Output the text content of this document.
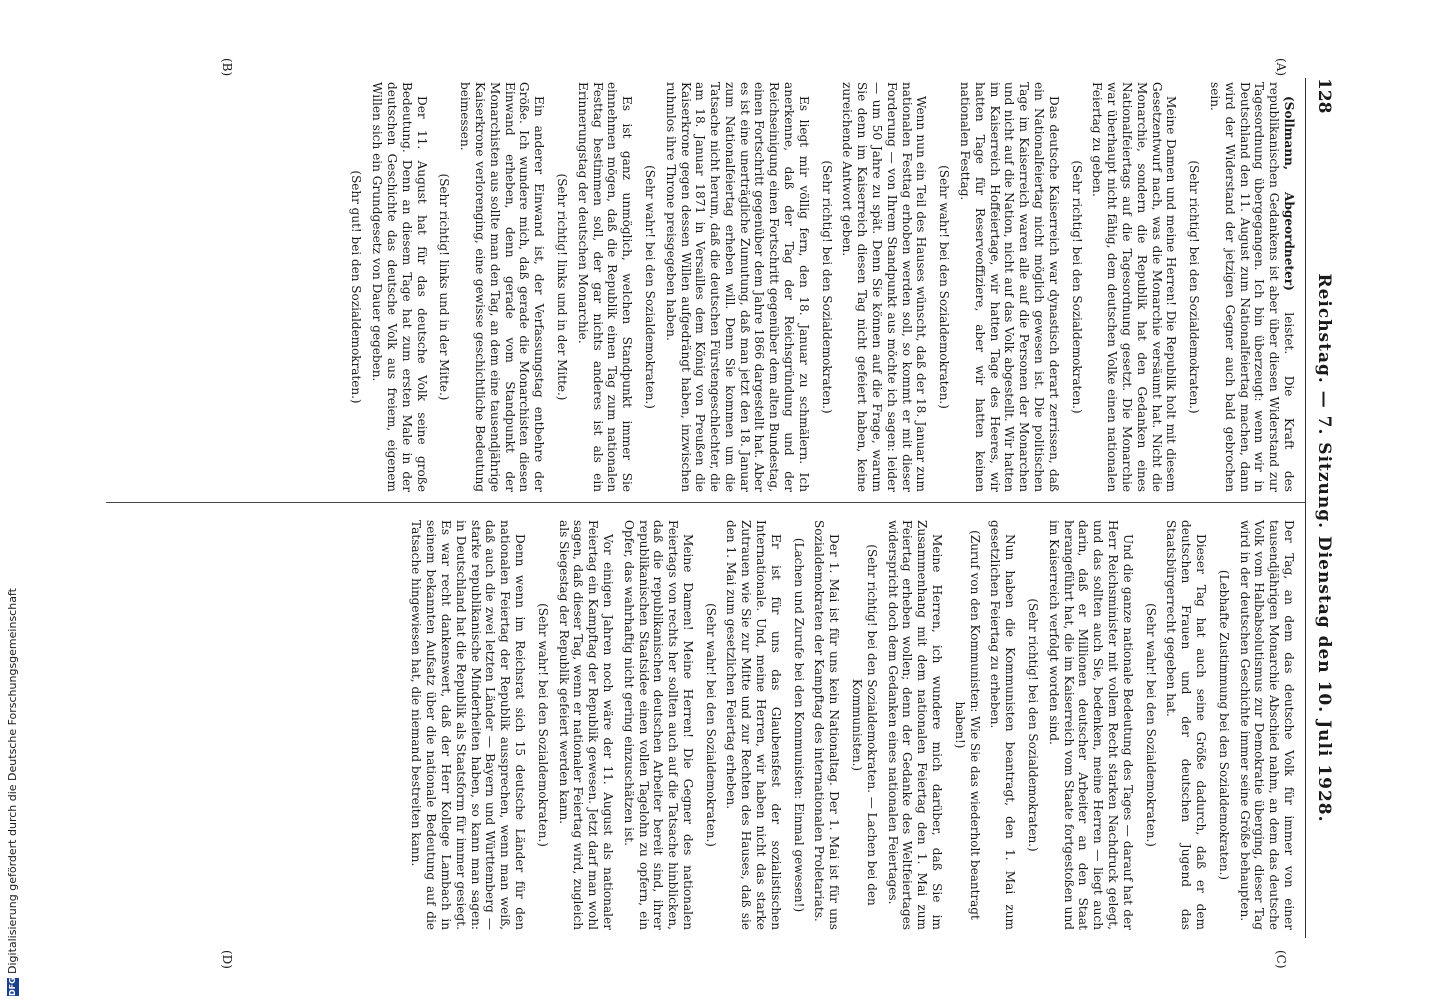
128
Reichstag. — 7. Sitzung. Dienstag den 10. Juli 1928.
(A)
(B)
(C)
(D)

(Sollmann, Abgeordneter) leistet. Die Kraft des republikanischen Gedankens ist aber über diesen Widerstand zur Tagesordnung übergegangen. Ich bin überzeugt: wenn wir in Deutschland den 11. August zum Nationalfeiertag machen, dann wird der Widerstand der jetzigen Gegner auch bald gebrochen sein.

(Sehr richtig! bei den Sozialdemokraten.)

Meine Damen und meine Herren! Die Republik holt mit diesem Gesetzentwurf nach, was die Monarchie versäumt hat. Nicht die Monarchie, sondern die Republik hat den Gedanken eines Nationalfeiertags auf die Tagesordnung gesetzt. Die Monarchie war überhaupt nicht fähig, dem deutschen Volke einen nationalen Feiertag zu geben.

(Sehr richtig! bei den Sozialdemokraten.)

Das deutsche Kaiserreich war dynastisch derart zerrissen, daß ein Nationalfeiertag nicht möglich gewesen ist. Die politischen Tage im Kaiserreich waren alle auf die Personen der Monarchen und nicht auf die Nation, nicht auf das Volk abgestellt. Wir hatten im Kaiserreich Hoffeiertage, wir hatten Tage des Heeres, wir hatten Tage für Reserveoffiziere, aber wir hatten keinen nationalen Festtag.

(Sehr wahr! bei den Sozialdemokraten.)

Wenn nun ein Teil des Hauses wünscht, daß der 18. Januar zum nationalen Festtag erhoben werden soll, so kommt er mit dieser Forderung — von Ihrem Standpunkt aus möchte ich sagen: leider — um 50 Jahre zu spät. Denn Sie können auf die Frage, warum Sie denn im Kaiserreich diesen Tag nicht gefeiert haben, keine zureichende Antwort geben.

(Sehr richtig! bei den Sozialdemokraten.)

Es liegt mir völlig fern, den 18. Januar zu schmälern. Ich anerkenne, daß der Tag der Reichsgründung und der Reichseinigung einen Fortschritt gegenüber dem alten Bundestag, einen Fortschritt gegenüber dem Jahre 1866 dargestellt hat. Aber es ist eine unerträgliche Zumutung, daß man jetzt den 18. Januar zum Nationalfeiertag erheben will. Denn Sie kommen um die Tatsache nicht herum, daß die deutschen Fürstengeschlechter, die am 18. Januar 1871 in Versailles dem König von Preußen die Kaiserkrone gegen dessen Willen aufgedrängt haben, inzwischen ruhmlos ihre Throne preisgegeben haben.

(Sehr wahr! bei den Sozialdemokraten.)

Es ist ganz unmöglich, welchen Standpunkt immer Sie einnehmen mögen, daß die Republik einen Tag zum nationalen Festtag bestimmen soll, der gar nichts anderes ist als ein Erinnerungstag der deutschen Monarchie.

(Sehr richtig! links und in der Mitte.)

Ein anderer Einwand ist, der Verfassungstag entbehre der Größe. Ich wundere mich, daß gerade die Monarchisten diesen Einwand erheben, denn gerade vom Standpunkt der Monarchisten aus sollte man den Tag, an dem eine tausendjährige Kaiserkrone verlorenging, eine gewisse geschichtliche Bedeutung beimessen.

(Sehr richtig! links und in der Mitte.)

Der 11. August hat für das deutsche Volk seine große Bedeutung. Denn an diesem Tage hat zum ersten Male in der deutschen Geschichte das deutsche Volk aus freiem, eigenem Willen sich ein Grundgesetz von Dauer gegeben.

(Sehr gut! bei den Sozialdemokraten.)

Der Tag, an dem das deutsche Volk für immer von einer tausendjährigen Monarchie Abschied nahm, an dem das deutsche Volk vom Halbabsolutismus zur Demokratie überging, dieser Tag wird in der deutschen Geschichte immer seine Größe behaupten.

(Lebhafte Zustimmung bei den Sozialdemokraten.)

Dieser Tag hat auch seine Größe dadurch, daß er dem deutschen Frauen und der deutschen Jugend das Staatsbürgerrecht gegeben hat.

(Sehr wahr! bei den Sozialdemokraten.)

Und die ganze nationale Bedeutung des Tages — darauf hat der Herr Reichsminister mit vollem Recht starken Nachdruck gelegt, und das sollten auch Sie, bedenken, meine Herren — liegt auch darin, daß er Millionen deutscher Arbeiter an den Staat herangeführt hat, die im Kaiserreich vom Staate fortgestoßen und im Kaiserreich verfolgt worden sind.

(Sehr richtig! bei den Sozialdemokraten.)

Nun haben die Kommunisten beantragt, den 1. Mai zum gesetzlichen Feiertag zu erheben.

(Zuruf von den Kommunisten: Wie Sie das wiederholt beantragt haben!)

Meine Herren, ich wundere mich darüber, daß Sie im Zusammenhang mit dem nationalen Feiertag den 1. Mai zum Feiertag erheben wollen; denn der Gedanke des Weltfeiertages widerspricht doch dem Gedanken eines nationalen Feiertages.

(Sehr richtig! bei den Sozialdemokraten. — Lachen bei den Kommunisten.)

Der 1. Mai ist für uns kein Nationaltag. Der 1. Mai ist für uns Sozialdemokraten der Kampftag des internationalen Proletariats.

(Lachen und Zurufe bei den Kommunisten: Einmal gewesen!)

Er ist für uns das Glaubensfest der sozialistischen Internationale. Und, meine Herren, wir haben nicht das starke Zutrauen wie Sie zur Mitte und zur Rechten des Hauses, daß sie den 1. Mai zum gesetzlichen Feiertag erheben.

(Sehr wahr! bei den Sozialdemokraten.)

Meine Damen! Meine Herren! Die Gegner des nationalen Feiertags von rechts her sollten auch auf die Tatsache hinblicken, daß die republikanischen deutschen Arbeiter bereit sind, ihrer republikanischen Staatsidee einen vollen Tagelohn zu opfern, ein Opfer, das wahrhaftig nicht gering einzuschätzen ist.

Vor einigen Jahren noch wäre der 11. August als nationaler Feiertag ein Kampftag der Republik gewesen. Jetzt darf man wohl sagen, daß dieser Tag, wenn er nationaler Feiertag wird, zugleich als Siegestag der Republik gefeiert werden kann.

(Sehr wahr! bei den Sozialdemokraten.)

Denn wenn im Reichsrat sich 15 deutsche Länder für den nationalen Feiertag der Republik aussprechen, wenn man weiß, daß auch die zwei letzten Länder — Bayern und Württemberg — starke republikanische Minderheiten haben, so kann man sagen: in Deutschland hat die Republik als Staatsform für immer gesiegt. Es war recht dankenswert, daß der Herr Kollege Lambach in seinem bekannten Aufsatz über die nationale Bedeutung auf die Tatsache hingewiesen hat, die niemand bestreiten kann.

DFG
Digitalisierung gefördert durch die Deutsche Forschungsgemeinschaft
